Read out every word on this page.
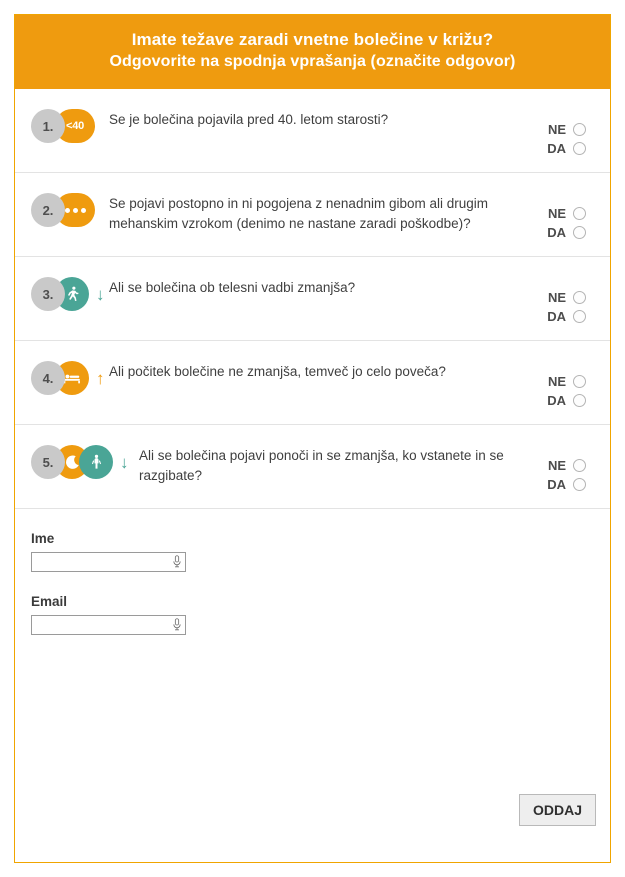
Imate težave zaradi vnetne bolečine v križu?
Odgovorite na spodnja vprašanja (označite odgovor)
1.	<40 Se je bolečina pojavila pred 40. letom starosti?
NE
DA
2.	Se pojavi postopno in ni pogojena z nenadnim gibom ali drugim mehanskim vzrokom (denimo ne nastane zaradi poškodbe)?
NE
DA
3.	↓ Ali se bolečina ob telesni vadbi zmanjša?
NE
DA
4.	↑ Ali počitek bolečine ne zmanjša, temveč jo celo poveča?
NE
DA
5.	↓ Ali se bolečina pojavi ponoči in se zmanjša, ko vstanete in se razgibate?
NE
DA
Ime
Email
ODDAJ
